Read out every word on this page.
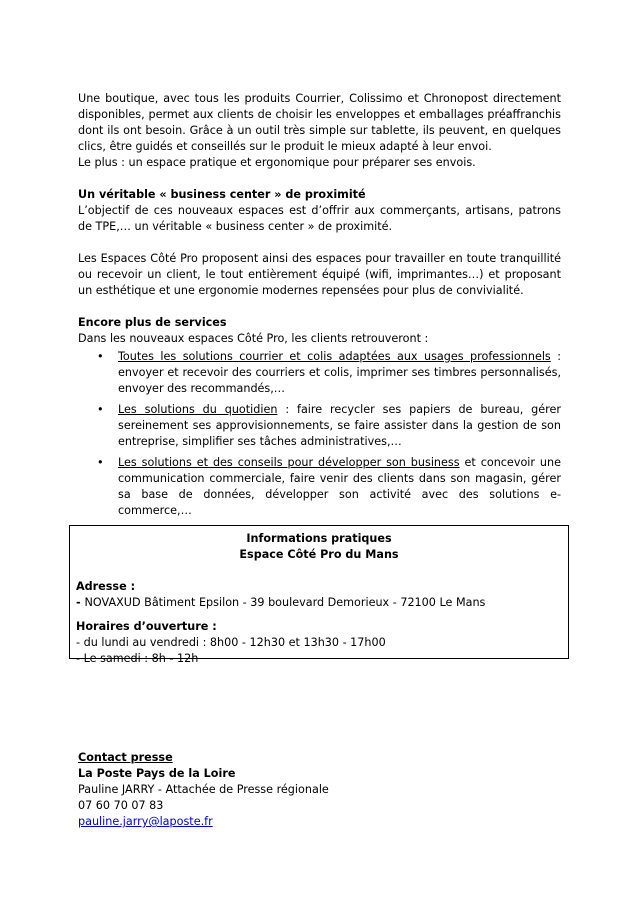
Une boutique, avec tous les produits Courrier, Colissimo et Chronopost directement disponibles, permet aux clients de choisir les enveloppes et emballages préaffranchis dont ils ont besoin. Grâce à un outil très simple sur tablette, ils peuvent, en quelques clics, être guidés et conseillés sur le produit le mieux adapté à leur envoi.

Le plus : un espace pratique et ergonomique pour préparer ses envois.

Un véritable « business center » de proximité

L’objectif de ces nouveaux espaces est d’offrir aux commerçants, artisans, patrons de TPE,… un véritable « business center » de proximité.

Les Espaces Côté Pro proposent ainsi des espaces pour travailler en toute tranquillité ou recevoir un client, le tout entièrement équipé (wifi, imprimantes…) et proposant un esthétique et une ergonomie modernes repensées pour plus de convivialité.

Encore plus de services

Dans les nouveaux espaces Côté Pro, les clients retrouveront :

• Toutes les solutions courrier et colis adaptées aux usages professionnels : envoyer et recevoir des courriers et colis, imprimer ses timbres personnalisés, envoyer des recommandés,…
• Les solutions du quotidien : faire recycler ses papiers de bureau, gérer sereinement ses approvisionnements, se faire assister dans la gestion de son entreprise, simplifier ses tâches administratives,…
• Les solutions et des conseils pour développer son business et concevoir une communication commerciale, faire venir des clients dans son magasin, gérer sa base de données, développer son activité avec des solutions e-commerce,…

Informations pratiques

Espace Côté Pro du Mans

Adresse :

- NOVAXUD Bâtiment Epsilon - 39 boulevard Demorieux - 72100 Le Mans

Horaires d’ouverture :

- du lundi au vendredi : 8h00 - 12h30 et 13h30 - 17h00

- Le samedi : 8h - 12h

Contact presse

La Poste Pays de la Loire

Pauline JARRY - Attachée de Presse régionale

07 60 70 07 83

pauline.jarry@laposte.fr
